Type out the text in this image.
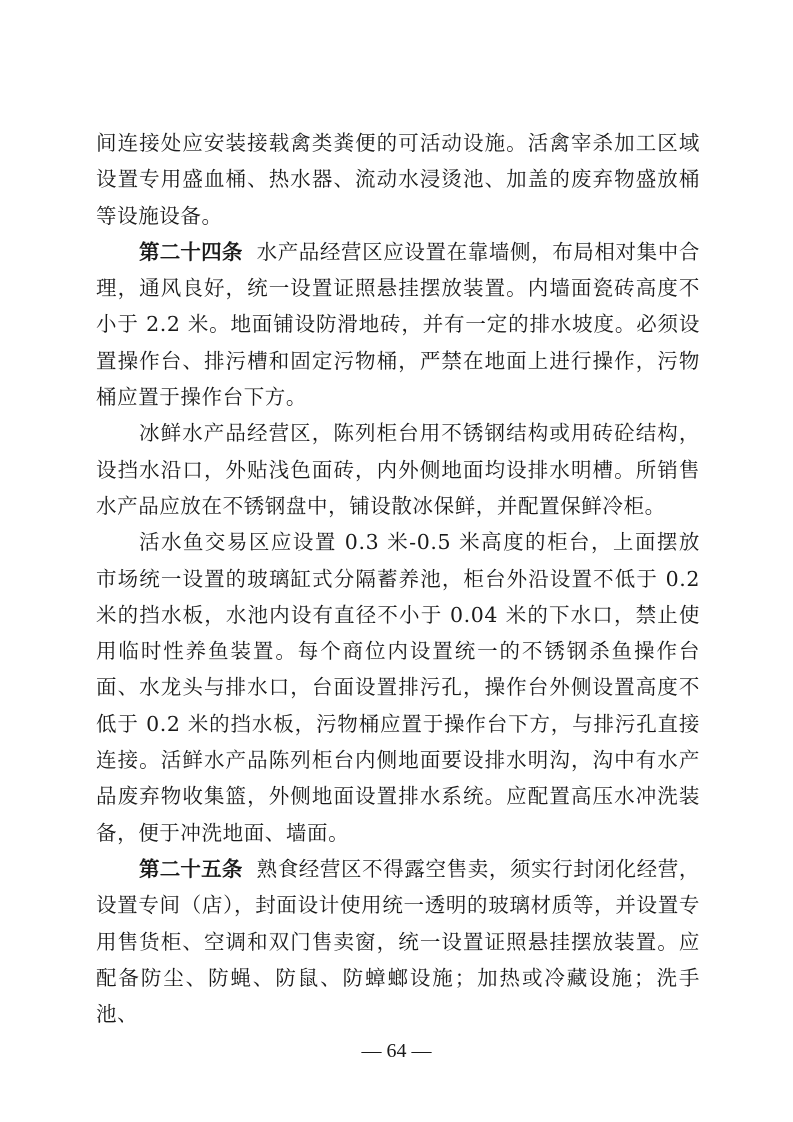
间连接处应安装接载禽类粪便的可活动设施。活禽宰杀加工区域设置专用盛血桶、热水器、流动水浸烫池、加盖的废弃物盛放桶等设施设备。

第二十四条 水产品经营区应设置在靠墙侧，布局相对集中合理，通风良好，统一设置证照悬挂摆放装置。内墙面瓷砖高度不小于 2.2 米。地面铺设防滑地砖，并有一定的排水坡度。必须设置操作台、排污槽和固定污物桶，严禁在地面上进行操作，污物桶应置于操作台下方。

冰鲜水产品经营区，陈列柜台用不锈钢结构或用砖砼结构，设挡水沿口，外贴浅色面砖，内外侧地面均设排水明槽。所销售水产品应放在不锈钢盘中，铺设散冰保鲜，并配置保鲜冷柜。

活水鱼交易区应设置 0.3 米-0.5 米高度的柜台，上面摆放市场统一设置的玻璃缸式分隔蓄养池，柜台外沿设置不低于 0.2 米的挡水板，水池内设有直径不小于 0.04 米的下水口，禁止使用临时性养鱼装置。每个商位内设置统一的不锈钢杀鱼操作台面、水龙头与排水口，台面设置排污孔，操作台外侧设置高度不低于 0.2 米的挡水板，污物桶应置于操作台下方，与排污孔直接连接。活鲜水产品陈列柜台内侧地面要设排水明沟，沟中有水产品废弃物收集篮，外侧地面设置排水系统。应配置高压水冲洗装备，便于冲洗地面、墙面。

第二十五条 熟食经营区不得露空售卖，须实行封闭化经营，设置专间（店），封面设计使用统一透明的玻璃材质等，并设置专用售货柜、空调和双门售卖窗，统一设置证照悬挂摆放装置。应配备防尘、防蝇、防鼠、防蟑螂设施；加热或冷藏设施；洗手池、

— 64 —
